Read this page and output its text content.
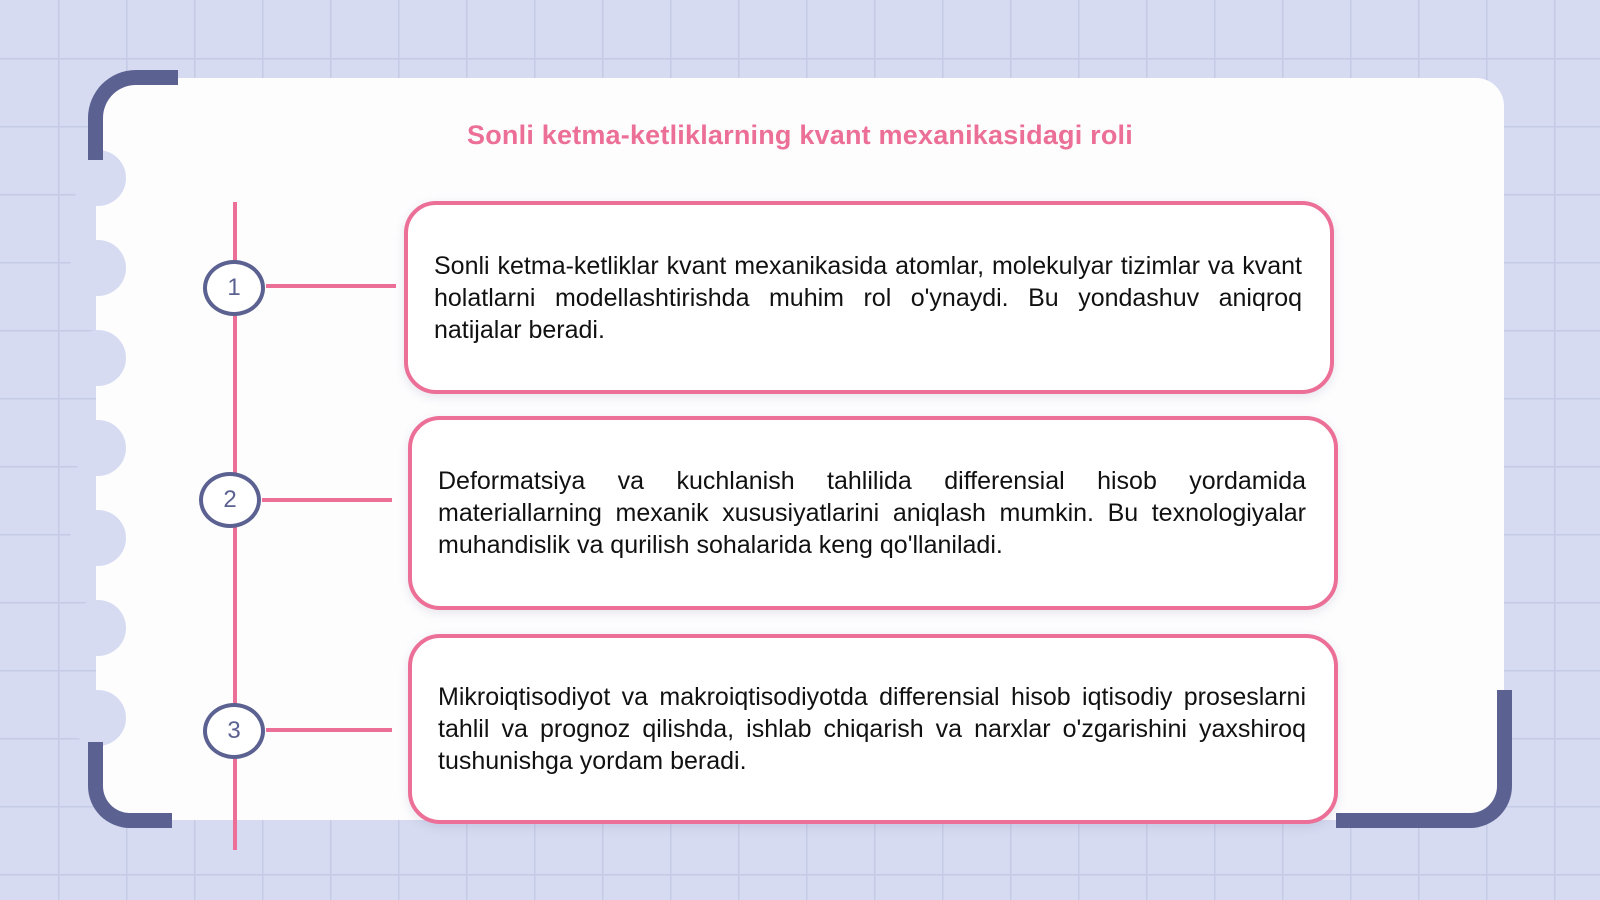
Sonli ketma-ketliklarning kvant mexanikasidagi roli
1

Sonli ketma-ketliklar kvant mexanikasida atomlar, molekulyar tizimlar va kvant holatlarni modellashtirishda muhim rol o'ynaydi. Bu yondashuv aniqroq natijalar beradi.

2

Deformatsiya va kuchlanish tahlilida differensial hisob yordamida materiallarning mexanik xususiyatlarini aniqlash mumkin. Bu texnologiyalar muhandislik va qurilish sohalarida keng qo'llaniladi.

3

Mikroiqtisodiyot va makroiqtisodiyotda differensial hisob iqtisodiy proseslarni tahlil va prognoz qilishda, ishlab chiqarish va narxlar o'zgarishini yaxshiroq tushunishga yordam beradi.
